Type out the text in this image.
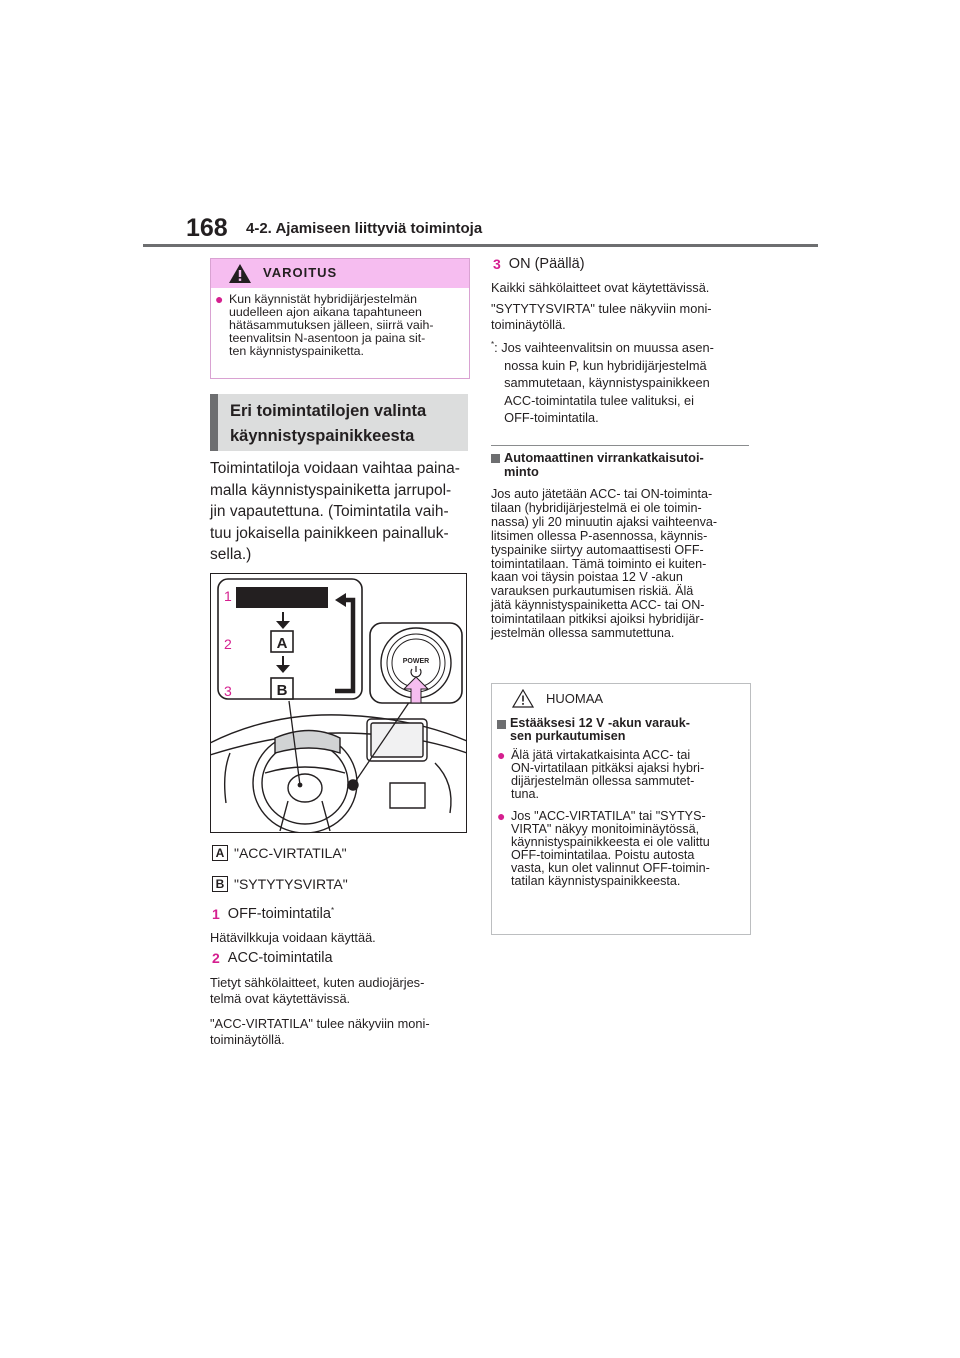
168 4-2. Ajamiseen liittyviä toimintoja
VAROITUS
● Kun käynnistät hybridijärjestelmän
uudelleen ajon aikana tapahtuneen
hätäsammutuksen jälleen, siirrä vaih-
teenvalitsin N-asentoon ja paina sit-
ten käynnistyspainiketta.
Eri toimintatilojen valinta
käynnistyspainikkeesta
Toimintatiloja voidaan vaihtaa paina-
malla käynnistyspainiketta jarrupol-
jin vapautettuna. (Toimintatila vaih-
tuu jokaisella painikkeen painalluk-
sella.)
1
2
3
A
B
POWER
A "ACC-VIRTATILA"
B "SYTYTYSVIRTA"
1 OFF-toimintatila*
Hätävilkkuja voidaan käyttää.
2 ACC-toimintatila
Tietyt sähkölaitteet, kuten audiojärjes-
telmä ovat käytettävissä.
"ACC-VIRTATILA" tulee näkyviin moni-
toiminäytöllä.
3 ON (Päällä)
Kaikki sähkölaitteet ovat käytettävissä.
"SYTYTYSVIRTA" tulee näkyviin moni-
toiminäytöllä.
* : Jos vaihteenvalitsin on muussa asen-
nossa kuin P, kun hybridijärjestelmä
sammutetaan, käynnistyspainikkeen
ACC-toimintatila tulee valituksi, ei
OFF-toimintatila.
Automaattinen virrankatkaisutoi-
minto
Jos auto jätetään ACC- tai ON-toiminta-
tilaan (hybridijärjestelmä ei ole toimin-
nassa) yli 20 minuutin ajaksi vaihteenva-
litsimen ollessa P-asennossa, käynnis-
tyspainike siirtyy automaattisesti OFF-
toimintatilaan. Tämä toiminto ei kuiten-
kaan voi täysin poistaa 12 V -akun
varauksen purkautumisen riskiä. Älä
jätä käynnistyspainiketta ACC- tai ON-
toimintatilaan pitkiksi ajoiksi hybridijär-
jestelmän ollessa sammutettuna.
HUOMAA
Estääksesi 12 V -akun varauk-
sen purkautumisen
● Älä jätä virtakatkaisinta ACC- tai
ON-virtatilaan pitkäksi ajaksi hybri-
dijärjestelmän ollessa sammutet-
tuna.
● Jos "ACC-VIRTATILA" tai "SYTYS-
VIRTA" näkyy monitoiminäytössä,
käynnistyspainikkeesta ei ole valittu
OFF-toimintatilaa. Poistu autosta
vasta, kun olet valinnut OFF-toimin-
tatilan käynnistyspainikkeesta.
